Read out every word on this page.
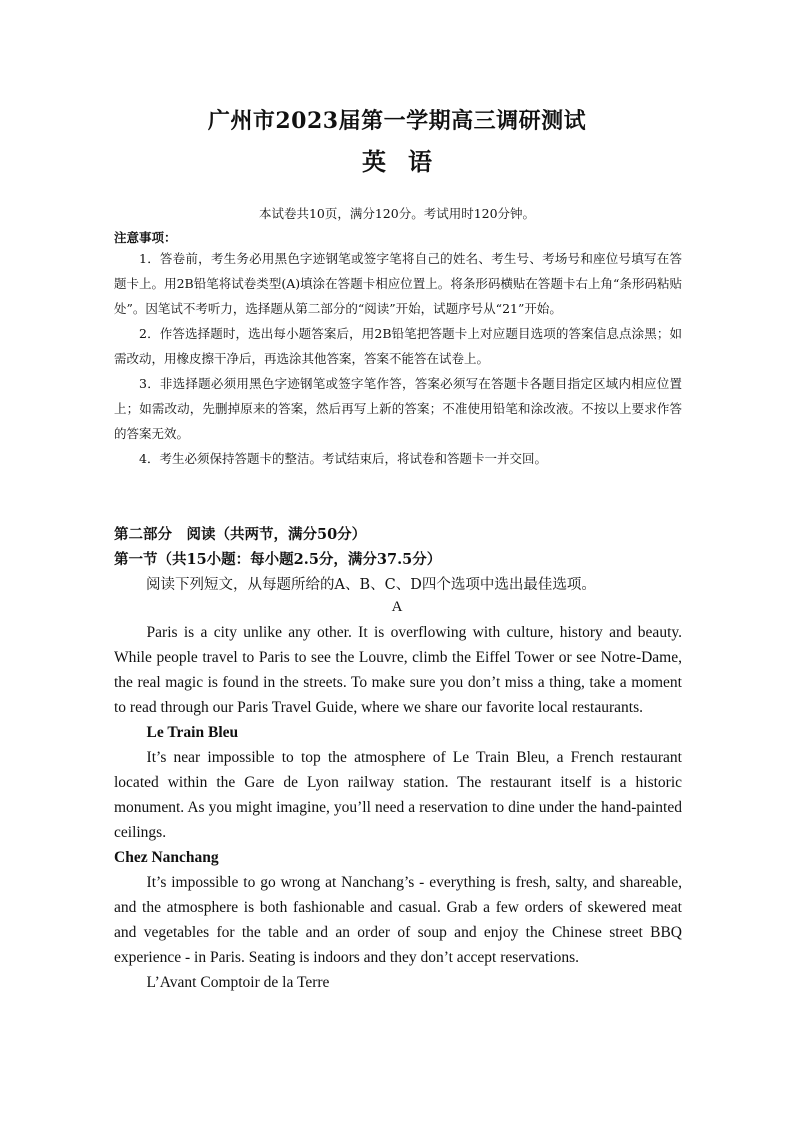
广州市2023届第一学期高三调研测试
英语
本试卷共10页，满分120分。考试用时120分钟。
注意事项：

1．答卷前，考生务必用黑色字迹钢笔或签字笔将自己的姓名、考生号、考场号和座位号填写在答题卡上。用2B铅笔将试卷类型(A)填涂在答题卡相应位置上。将条形码横贴在答题卡右上角“条形码粘贴处”。因笔试不考听力，选择题从第二部分的“阅读”开始，试题序号从“21”开始。

2．作答选择题时，选出每小题答案后，用2B铅笔把答题卡上对应题目选项的答案信息点涂黑；如需改动，用橡皮擦干净后，再选涂其他答案，答案不能答在试卷上。

3．非选择题必须用黑色字迹钢笔或签字笔作答，答案必须写在答题卡各题目指定区域内相应位置上；如需改动，先删掉原来的答案，然后再写上新的答案；不准使用铅笔和涂改液。不按以上要求作答的答案无效。

4．考生必须保持答题卡的整洁。考试结束后，将试卷和答题卡一并交回。

第二部分　阅读（共两节，满分50分）
第一节（共15小题：每小题2.5分，满分37.5分）
阅读下列短文，从每题所给的A、B、C、D四个选项中选出最佳选项。
A

Paris is a city unlike any other. It is overflowing with culture, history and beauty. While people travel to Paris to see the Louvre, climb the Eiffel Tower or see Notre-Dame, the real magic is found in the streets. To make sure you don’t miss a thing, take a moment to read through our Paris Travel Guide, where we share our favorite local restaurants.

Le Train Bleu

It’s near impossible to top the atmosphere of Le Train Bleu, a French restaurant located within the Gare de Lyon railway station. The restaurant itself is a historic monument. As you might imagine, you’ll need a reservation to dine under the hand-painted ceilings.

Chez Nanchang

It’s impossible to go wrong at Nanchang’s - everything is fresh, salty, and shareable, and the atmosphere is both fashionable and casual. Grab a few orders of skewered meat and vegetables for the table and an order of soup and enjoy the Chinese street BBQ experience - in Paris. Seating is indoors and they don’t accept reservations.

L’Avant Comptoir de la Terre
